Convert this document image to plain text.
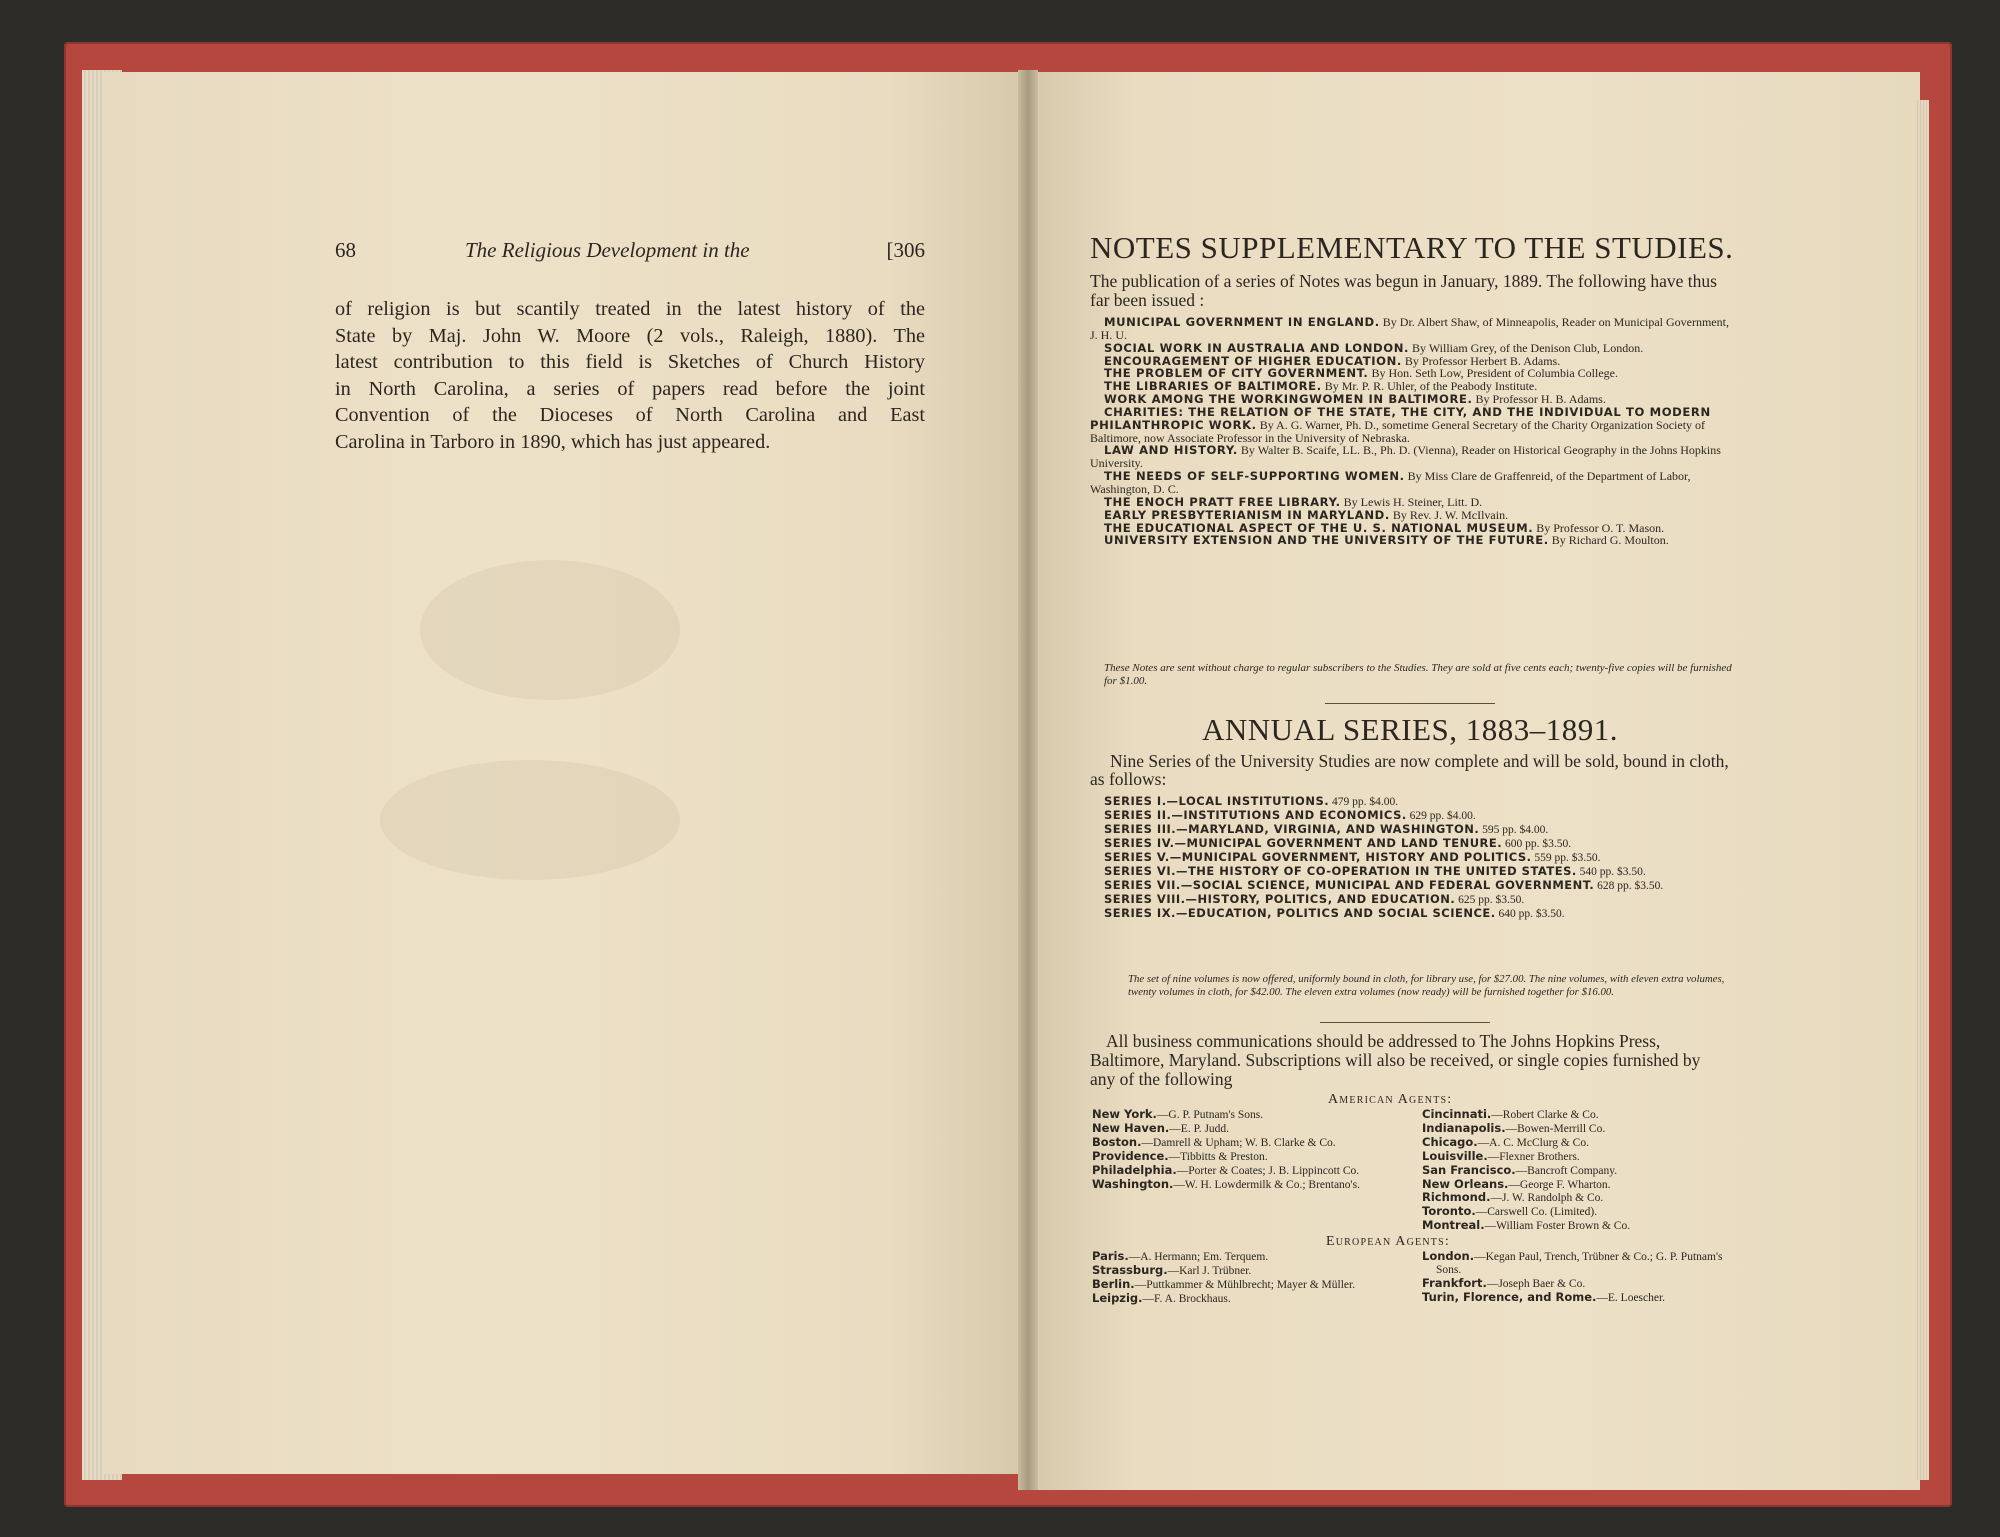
68	The Religious Development in the	[306
of religion is but scantily treated in the latest history of the
State by Maj. John W. Moore (2 vols., Raleigh, 1880). The
latest contribution to this field is Sketches of Church History
in North Carolina, a series of papers read before the joint
Convention of the Dioceses of North Carolina and East
Carolina in Tarboro in 1890, which has just appeared.
NOTES SUPPLEMENTARY TO THE STUDIES.
The publication of a series of Notes was begun in January, 1889. The following have thus far been issued :
MUNICIPAL GOVERNMENT IN ENGLAND. By Dr. Albert Shaw, of Minneapolis, Reader on Municipal Government, J. H. U.
SOCIAL WORK IN AUSTRALIA AND LONDON. By William Grey, of the Denison Club, London.
ENCOURAGEMENT OF HIGHER EDUCATION. By Professor Herbert B. Adams.
THE PROBLEM OF CITY GOVERNMENT. By Hon. Seth Low, President of Columbia College.
THE LIBRARIES OF BALTIMORE. By Mr. P. R. Uhler, of the Peabody Institute.
WORK AMONG THE WORKINGWOMEN IN BALTIMORE. By Professor H. B. Adams.
CHARITIES: THE RELATION OF THE STATE, THE CITY, AND THE INDIVIDUAL TO MODERN PHILANTHROPIC WORK. By A. G. Warner, Ph. D., sometime General Secretary of the Charity Organization Society of Baltimore, now Associate Professor in the University of Nebraska.
LAW AND HISTORY. By Walter B. Scaife, LL. B., Ph. D. (Vienna), Reader on Historical Geography in the Johns Hopkins University.
THE NEEDS OF SELF-SUPPORTING WOMEN. By Miss Clare de Graffenreid, of the Department of Labor, Washington, D. C.
THE ENOCH PRATT FREE LIBRARY. By Lewis H. Steiner, Litt. D.
EARLY PRESBYTERIANISM IN MARYLAND. By Rev. J. W. McIlvain.
THE EDUCATIONAL ASPECT OF THE U. S. NATIONAL MUSEUM. By Professor O. T. Mason.
UNIVERSITY EXTENSION AND THE UNIVERSITY OF THE FUTURE. By Richard G. Moulton.
These Notes are sent without charge to regular subscribers to the Studies. They are sold at five cents each; twenty-five copies will be furnished for $1.00.
ANNUAL SERIES, 1883–1891.
Nine Series of the University Studies are now complete and will be sold, bound in cloth, as follows:
SERIES I.—LOCAL INSTITUTIONS. 479 pp. $4.00.
SERIES II.—INSTITUTIONS AND ECONOMICS. 629 pp. $4.00.
SERIES III.—MARYLAND, VIRGINIA, AND WASHINGTON. 595 pp. $4.00.
SERIES IV.—MUNICIPAL GOVERNMENT AND LAND TENURE. 600 pp. $3.50.
SERIES V.—MUNICIPAL GOVERNMENT, HISTORY AND POLITICS. 559 pp. $3.50.
SERIES VI.—THE HISTORY OF CO-OPERATION IN THE UNITED STATES. 540 pp. $3.50.
SERIES VII.—SOCIAL SCIENCE, MUNICIPAL AND FEDERAL GOVERNMENT. 628 pp. $3.50.
SERIES VIII.—HISTORY, POLITICS, AND EDUCATION. 625 pp. $3.50.
SERIES IX.—EDUCATION, POLITICS AND SOCIAL SCIENCE. 640 pp. $3.50.
The set of nine volumes is now offered, uniformly bound in cloth, for library use, for $27.00. The nine volumes, with eleven extra volumes, twenty volumes in cloth, for $42.00. The eleven extra volumes (now ready) will be furnished together for $16.00.
All business communications should be addressed to The Johns Hopkins Press, Baltimore, Maryland. Subscriptions will also be received, or single copies furnished by any of the following
American Agents:
New York.—G. P. Putnam's Sons.
New Haven.—E. P. Judd.
Boston.—Damrell & Upham; W. B. Clarke & Co.
Providence.—Tibbitts & Preston.
Philadelphia.—Porter & Coates; J. B. Lippincott Co.
Washington.—W. H. Lowdermilk & Co.; Brentano's.
Cincinnati.—Robert Clarke & Co.
Indianapolis.—Bowen-Merrill Co.
Chicago.—A. C. McClurg & Co.
Louisville.—Flexner Brothers.
San Francisco.—Bancroft Company.
New Orleans.—George F. Wharton.
Richmond.—J. W. Randolph & Co.
Toronto.—Carswell Co. (Limited).
Montreal.—William Foster Brown & Co.
European Agents:
Paris.—A. Hermann; Em. Terquem.
Strassburg.—Karl J. Trübner.
Berlin.—Puttkammer & Mühlbrecht; Mayer & Müller.
Leipzig.—F. A. Brockhaus.
London.—Kegan Paul, Trench, Trübner & Co.; G. P. Putnam's Sons.
Frankfort.—Joseph Baer & Co.
Turin, Florence, and Rome.—E. Loescher.
